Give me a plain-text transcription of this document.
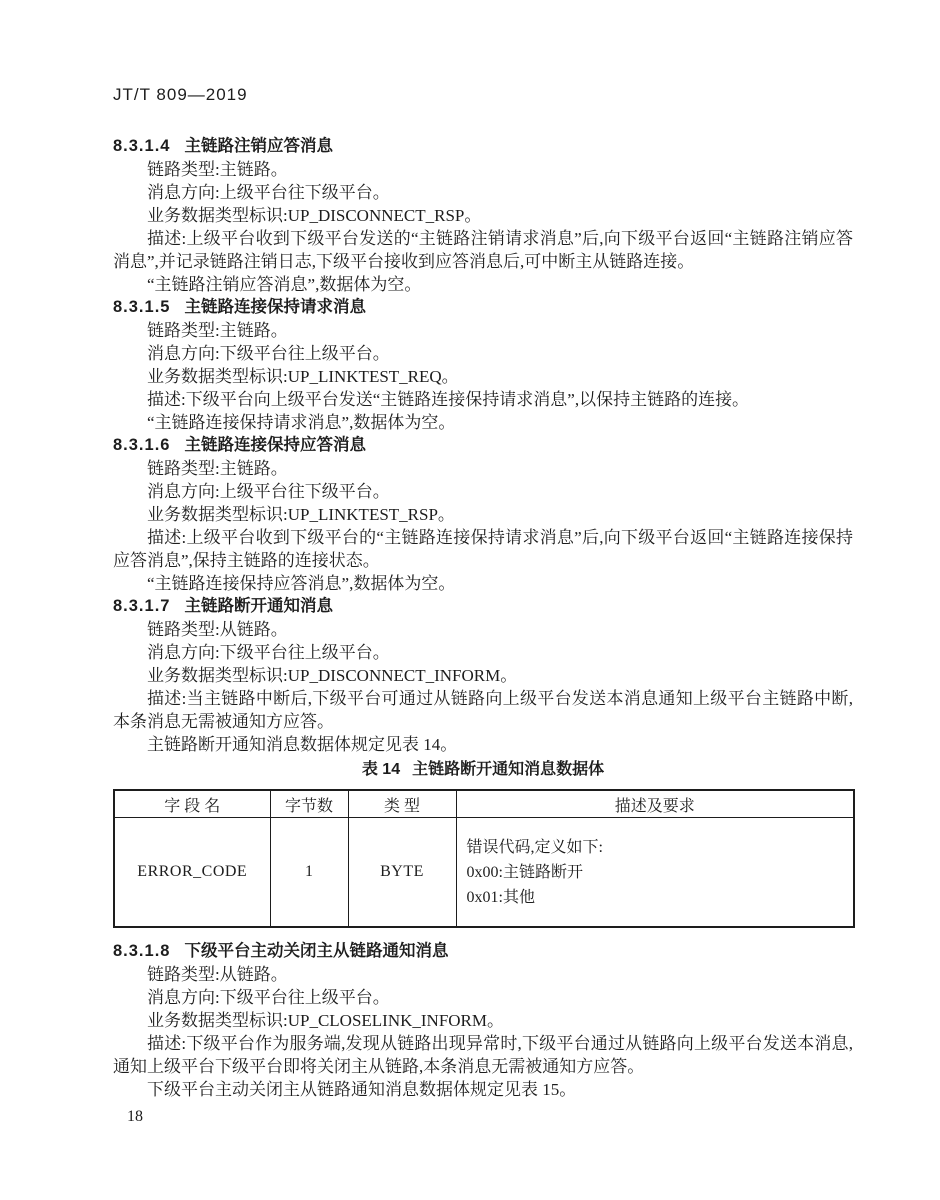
JT/T 809—2019

8.3.1.4 主链路注销应答消息

链路类型:主链路。

消息方向:上级平台往下级平台。

业务数据类型标识:UP_DISCONNECT_RSP。

描述:上级平台收到下级平台发送的“主链路注销请求消息”后,向下级平台返回“主链路注销应答消息”,并记录链路注销日志,下级平台接收到应答消息后,可中断主从链路连接。

“主链路注销应答消息”,数据体为空。

8.3.1.5 主链路连接保持请求消息

链路类型:主链路。

消息方向:下级平台往上级平台。

业务数据类型标识:UP_LINKTEST_REQ。

描述:下级平台向上级平台发送“主链路连接保持请求消息”,以保持主链路的连接。

“主链路连接保持请求消息”,数据体为空。

8.3.1.6 主链路连接保持应答消息

链路类型:主链路。

消息方向:上级平台往下级平台。

业务数据类型标识:UP_LINKTEST_RSP。

描述:上级平台收到下级平台的“主链路连接保持请求消息”后,向下级平台返回“主链路连接保持应答消息”,保持主链路的连接状态。

“主链路连接保持应答消息”,数据体为空。

8.3.1.7 主链路断开通知消息

链路类型:从链路。

消息方向:下级平台往上级平台。

业务数据类型标识:UP_DISCONNECT_INFORM。

描述:当主链路中断后,下级平台可通过从链路向上级平台发送本消息通知上级平台主链路中断,本条消息无需被通知方应答。

主链路断开通知消息数据体规定见表 14。

表 14 主链路断开通知消息数据体

字 段 名	字节数	类 型	描述及要求
ERROR_CODE	1	BYTE	错误代码,定义如下:
0x00:主链路断开
0x01:其他

8.3.1.8 下级平台主动关闭主从链路通知消息

链路类型:从链路。

消息方向:下级平台往上级平台。

业务数据类型标识:UP_CLOSELINK_INFORM。

描述:下级平台作为服务端,发现从链路出现异常时,下级平台通过从链路向上级平台发送本消息,通知上级平台下级平台即将关闭主从链路,本条消息无需被通知方应答。

下级平台主动关闭主从链路通知消息数据体规定见表 15。

18
